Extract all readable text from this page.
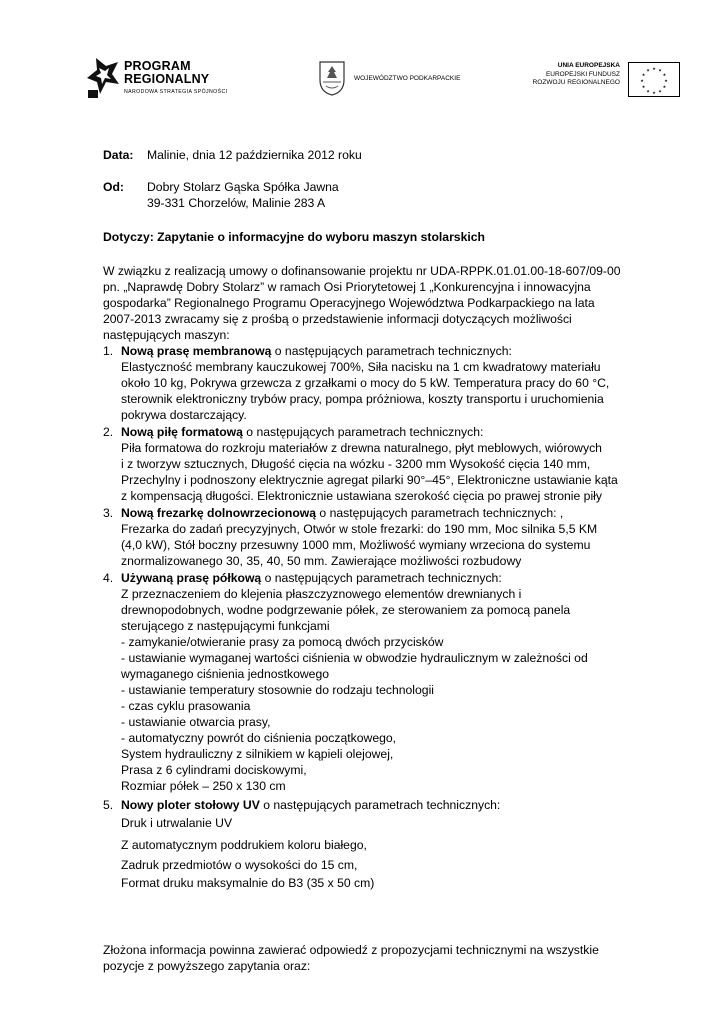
PROGRAM
REGIONALNY
NARODOWA STRATEGIA SPÓJNOŚCI
WOJEWÓDZTWO PODKARPACKIE
UNIA EUROPEJSKA
EUROPEJSKI FUNDUSZ
ROZWOJU REGIONALNEGO
★ ★
★
★
★
★
★
★
★
★
★
★
Data: Malinie, dnia 12 października 2012 roku
Od: Dobry Stolarz Gąska Spółka Jawna
39-331 Chorzelów, Malinie 283 A
Dotyczy: Zapytanie o informacyjne do wyboru maszyn stolarskich
W związku z realizacją umowy o dofinansowanie projektu nr UDA-RPPK.01.01.00-18-607/09-00
pn. „Naprawdę Dobry Stolarz” w ramach Osi Priorytetowej 1 „Konkurencyjna i innowacyjna
gospodarka” Regionalnego Programu Operacyjnego Województwa Podkarpackiego na lata
2007-2013 zwracamy się z prośbą o przedstawienie informacji dotyczących możliwości
następujących maszyn:
1. Nową prasę membranową o następujących parametrach technicznych:
Elastyczność membrany kauczukowej 700%, Siła nacisku na 1 cm kwadratowy materiału
około 10 kg, Pokrywa grzewcza z grzałkami o mocy do 5 kW. Temperatura pracy do 60 °C,
sterownik elektroniczny trybów pracy, pompa próżniowa, koszty transportu i uruchomienia
pokrywa dostarczający.
2. Nową piłę formatową o następujących parametrach technicznych:
Piła formatowa do rozkroju materiałów z drewna naturalnego, płyt meblowych, wiórowych
i z tworzyw sztucznych, Długość cięcia na wózku - 3200 mm Wysokość cięcia 140 mm,
Przechylny i podnoszony elektrycznie agregat pilarki 90°–45°, Elektroniczne ustawianie kąta
z kompensacją długości. Elektronicznie ustawiana szerokość cięcia po prawej stronie piły
3. Nową frezarkę dolnowrzecionową o następujących parametrach technicznych: ,
Frezarka do zadań precyzyjnych, Otwór w stole frezarki: do 190 mm, Moc silnika 5,5 KM
(4,0 kW), Stół boczny przesuwny 1000 mm, Możliwość wymiany wrzeciona do systemu
znormalizowanego 30, 35, 40, 50 mm. Zawierające możliwości rozbudowy
4. Używaną prasę półkową o następujących parametrach technicznych:
Z przeznaczeniem do klejenia płaszczyznowego elementów drewnianych i
drewnopodobnych, wodne podgrzewanie półek, ze sterowaniem za pomocą panela
sterującego z następującymi funkcjami
- zamykanie/otwieranie prasy za pomocą dwóch przycisków
- ustawianie wymaganej wartości ciśnienia w obwodzie hydraulicznym w zależności od
wymaganego ciśnienia jednostkowego
- ustawianie temperatury stosownie do rodzaju technologii
- czas cyklu prasowania
- ustawianie otwarcia prasy,
- automatyczny powrót do ciśnienia początkowego,
System hydrauliczny z silnikiem w kąpieli olejowej,
Prasa z 6 cylindrami dociskowymi,
Rozmiar półek – 250 x 130 cm
5. Nowy ploter stołowy UV o następujących parametrach technicznych:
Druk i utrwalanie UV
Z automatycznym poddrukiem koloru białego,
Zadruk przedmiotów o wysokości do 15 cm,
Format druku maksymalnie do B3 (35 x 50 cm)
Złożona informacja powinna zawierać odpowiedź z propozycjami technicznymi na wszystkie
pozycje z powyższego zapytania oraz:
